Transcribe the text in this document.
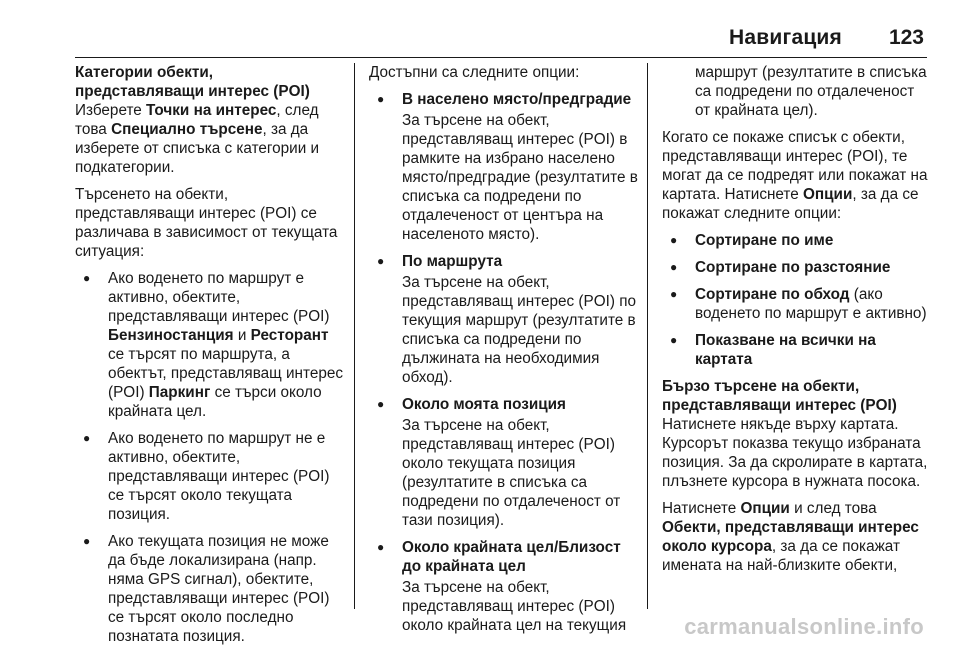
Навигация 123

Категории обекти, представляващи интерес (POI)

Изберете Точки на интерес, след това Специално търсене, за да изберете от списъка с категории и подкатегории.

Търсенето на обекти, представляващи интерес (POI) се различава в зависимост от текущата ситуация:

● Ако воденето по маршрут е активно, обектите, представляващи интерес (POI) Бензиностанция и Ресторант се търсят по маршрута, а обектът, представляващ интерес (POI) Паркинг се търси около крайната цел.
● Ако воденето по маршрут не е активно, обектите, представляващи интерес (POI) се търсят около текущата позиция.
● Ако текущата позиция не може да бъде локализирана (напр. няма GPS сигнал), обектите, представляващи интерес (POI) се търсят около последно познатата позиция.

Достъпни са следните опции:

● В населено място/предградие
За търсене на обект, представляващ интерес (POI) в рамките на избрано населено място/предградие (резултатите в списъка са подредени по отдалеченост от центъра на населеното място).
● По маршрута
За търсене на обект, представляващ интерес (POI) по текущия маршрут (резултатите в списъка са подредени по дължината на необходимия обход).
● Около моята позиция
За търсене на обект, представляващ интерес (POI) около текущата позиция (резултатите в списъка са подредени по отдалеченост от тази позиция).
● Около крайната цел/Близост до крайната цел
За търсене на обект, представляващ интерес (POI) около крайната цел на текущия

маршрут (резултатите в списъка са подредени по отдалеченост от крайната цел).

Когато се покаже списък с обекти, представляващи интерес (POI), те могат да се подредят или покажат на картата. Натиснете Опции, за да се покажат следните опции:

● Сортиране по име
● Сортиране по разстояние
● Сортиране по обход (ако воденето по маршрут е активно)
● Показване на всички на картата

Бързо търсене на обекти, представляващи интерес (POI)

Натиснете някъде върху картата. Курсорът показва текущо избраната позиция. За да скролирате в картата, плъзнете курсора в нужната посока.

Натиснете Опции и след това Обекти, представляващи интерес около курсора, за да се покажат имената на най-близките обекти,

carmanualsonline.info
